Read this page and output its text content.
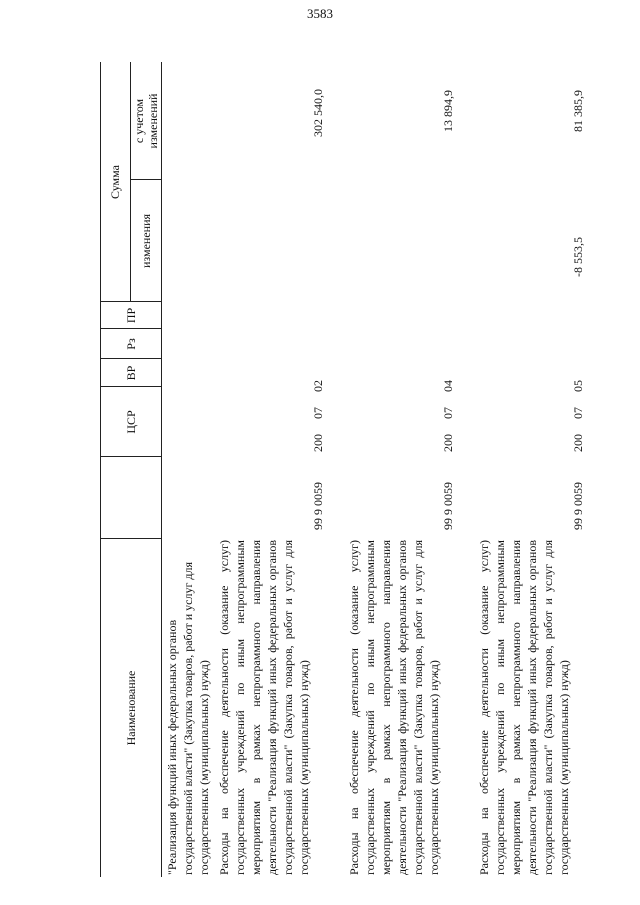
3583
Наименование
ЦСР
ВР
Рз
ПР
Сумма
изменения
с учетом изменений
"Реализация функций иных федеральных органов государственной власти" (Закупка товаров, работ и услуг для государственных (муниципальных) нужд) Расходы на обеспечение деятельности (оказание услуг) государственных учреждений по иным непрограммным мероприятиям в рамках непрограммного направления деятельности "Реализация функций иных федеральных органов государственной власти" (Закупка товаров, работ и услуг для государственных (муниципальных) нужд)
99 9 0059
200
07
02
302 540,0
Расходы на обеспечение деятельности (оказание услуг) государственных учреждений по иным непрограммным мероприятиям в рамках непрограммного направления деятельности "Реализация функций иных федеральных органов государственной власти" (Закупка товаров, работ и услуг для государственных (муниципальных) нужд)
99 9 0059
200
07
04
13 894,9
Расходы на обеспечение деятельности (оказание услуг) государственных учреждений по иным непрограммным мероприятиям в рамках непрограммного направления деятельности "Реализация функций иных федеральных органов государственной власти" (Закупка товаров, работ и услуг для государственных (муниципальных) нужд)
99 9 0059
200
07
05
-8 553,5
81 385,9
